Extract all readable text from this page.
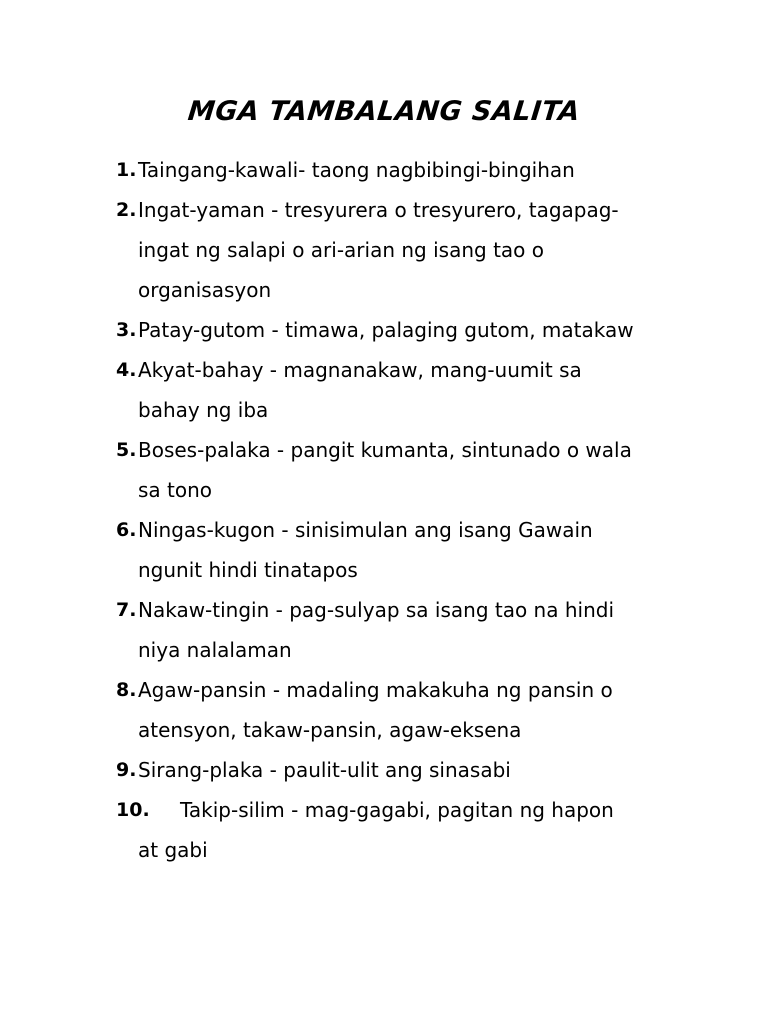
MGA TAMBALANG SALITA
1. Taingang-kawali- taong nagbibingi-bingihan
2. Ingat-yaman - tresyurera o tresyurero, tagapag-
ingat ng salapi o ari-arian ng isang tao o
organisasyon
3. Patay-gutom - timawa, palaging gutom, matakaw
4. Akyat-bahay - magnanakaw, mang-uumit sa
bahay ng iba
5. Boses-palaka - pangit kumanta, sintunado o wala
sa tono
6. Ningas-kugon - sinisimulan ang isang Gawain
ngunit hindi tinatapos
7. Nakaw-tingin - pag-sulyap sa isang tao na hindi
niya nalalaman
8. Agaw-pansin - madaling makakuha ng pansin o
atensyon, takaw-pansin, agaw-eksena
9. Sirang-plaka - paulit-ulit ang sinasabi
10.	Takip-silim - mag-gagabi, pagitan ng hapon
at gabi
